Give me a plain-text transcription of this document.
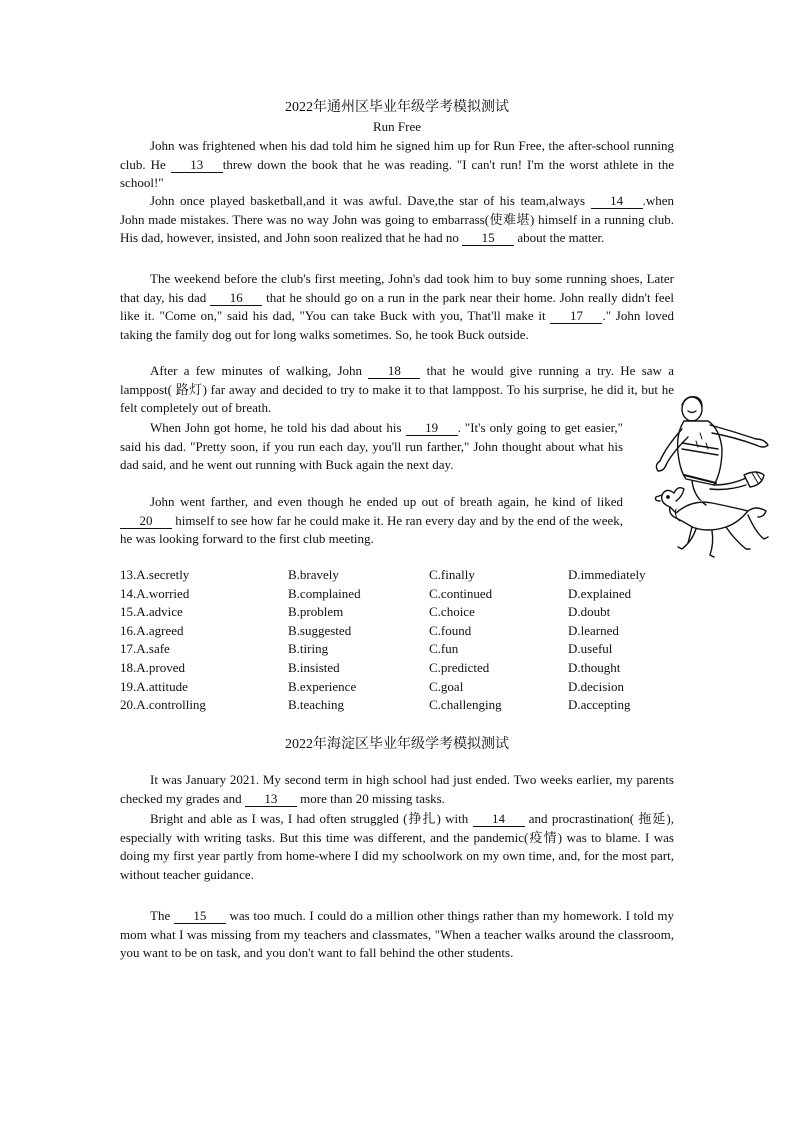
2022年通州区毕业年级学考模拟测试
Run Free

John was frightened when his dad told him he signed him up for Run Free, the after-school running club. He 13 threw down the book that he was reading. "I can't run! I'm the worst athlete in the school!"

John once played basketball,and it was awful. Dave,the star of his team,always 14 .when John made mistakes. There was no way John was going to embarrass(使难堪) himself in a running club. His dad, however, insisted, and John soon realized that he had no 15 about the matter.

The weekend before the club's first meeting, John's dad took him to buy some running shoes, Later that day, his dad 16 that he should go on a run in the park near their home. John really didn't feel like it. "Come on," said his dad, "You can take Buck with you, That'll make it 17 ." John loved taking the family dog out for long walks sometimes. So, he took Buck outside.

After a few minutes of walking, John 18 that he would give running a try. He saw a lamppost( 路灯) far away and decided to try to make it to that lamppost. To his surprise, he did it, but he felt completely out of breath.

When John got home, he told his dad about his 19 . "It's only going to get easier," said his dad. "Pretty soon, if you run each day, you'll run farther," John thought about what his dad said, and he went out running with Buck again the next day.

John went farther, and even though he ended up out of breath again, he kind of liked 20 himself to see how far he could make it. He ran every day and by the end of the week, he was looking forward to the first club meeting.

13.A.secretly	B.bravely	C.finally	D.immediately
14.A.worried	B.complained	C.continued	D.explained
15.A.advice	B.problem	C.choice	D.doubt
16.A.agreed	B.suggested	C.found	D.learned
17.A.safe	B.tiring	C.fun	D.useful
18.A.proved	B.insisted	C.predicted	D.thought
19.A.attitude	B.experience	C.goal	D.decision
20.A.controlling	B.teaching	C.challenging	D.accepting
2022年海淀区毕业年级学考模拟测试

It was January 2021. My second term in high school had just ended. Two weeks earlier, my parents checked my grades and 13 more than 20 missing tasks.

Bright and able as I was, I had often struggled (挣扎) with 14 and procrastination( 拖延), especially with writing tasks. But this time was different, and the pandemic(疫情) was to blame. I was doing my first year partly from home-where I did my schoolwork on my own time, and, for the most part, without teacher guidance.

The 15 was too much. I could do a million other things rather than my homework. I told my mom what I was missing from my teachers and classmates, "When a teacher walks around the classroom, you want to be on task, and you don't want to fall behind the other students.
